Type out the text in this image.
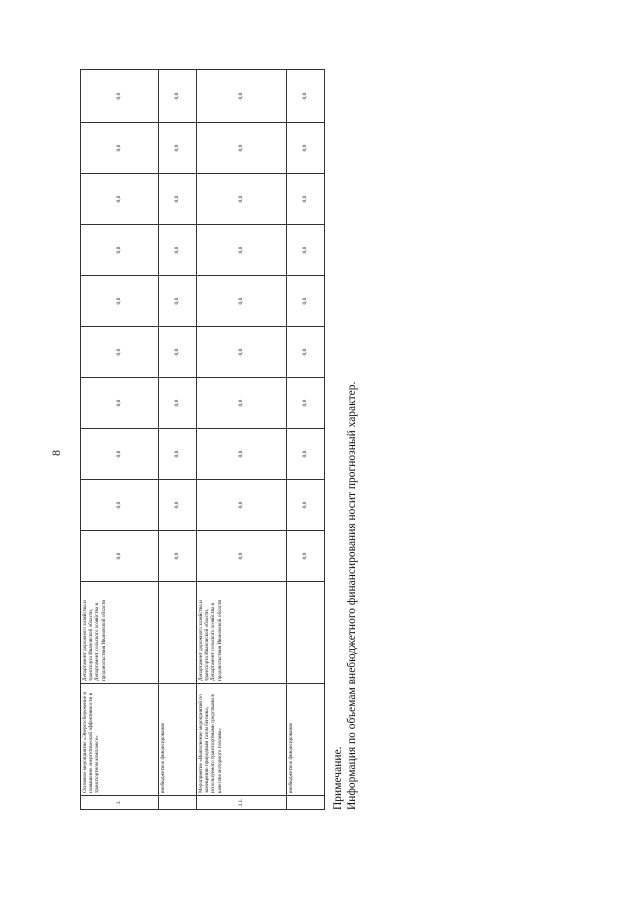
8
3.	Основное мероприятие «Энергосбережение и повышение энергетической эффективности в транспортном комплексе»	Департамент дорожного хозяйства и транспорта Ивановской области, Департамент сельского хозяйства и продовольствия Ивановской области	0,0	0,0	0,0	0,0	0,0	0,0	0,0	0,0	0,0	0,0
	внебюджетное финансирование		0,0	0,0	0,0	0,0	0,0	0,0	0,0	0,0	0,0	0,0
3.1.	Мероприятие «Выполнение мероприятий по замещению природным газом бензина, используемого транспортными средствами в качестве моторного топлива»	Департамент дорожного хозяйства и транспорта Ивановской области, Департамент сельского хозяйства и продовольствия Ивановской области	0,0	0,0	0,0	0,0	0,0	0,0	0,0	0,0	0,0	0,0
	внебюджетное финансирование		0,0	0,0	0,0	0,0	0,0	0,0	0,0	0,0	0,0	0,0
Примечание. Информация по объемам внебюджетного финансирования носит прогнозный характер.
